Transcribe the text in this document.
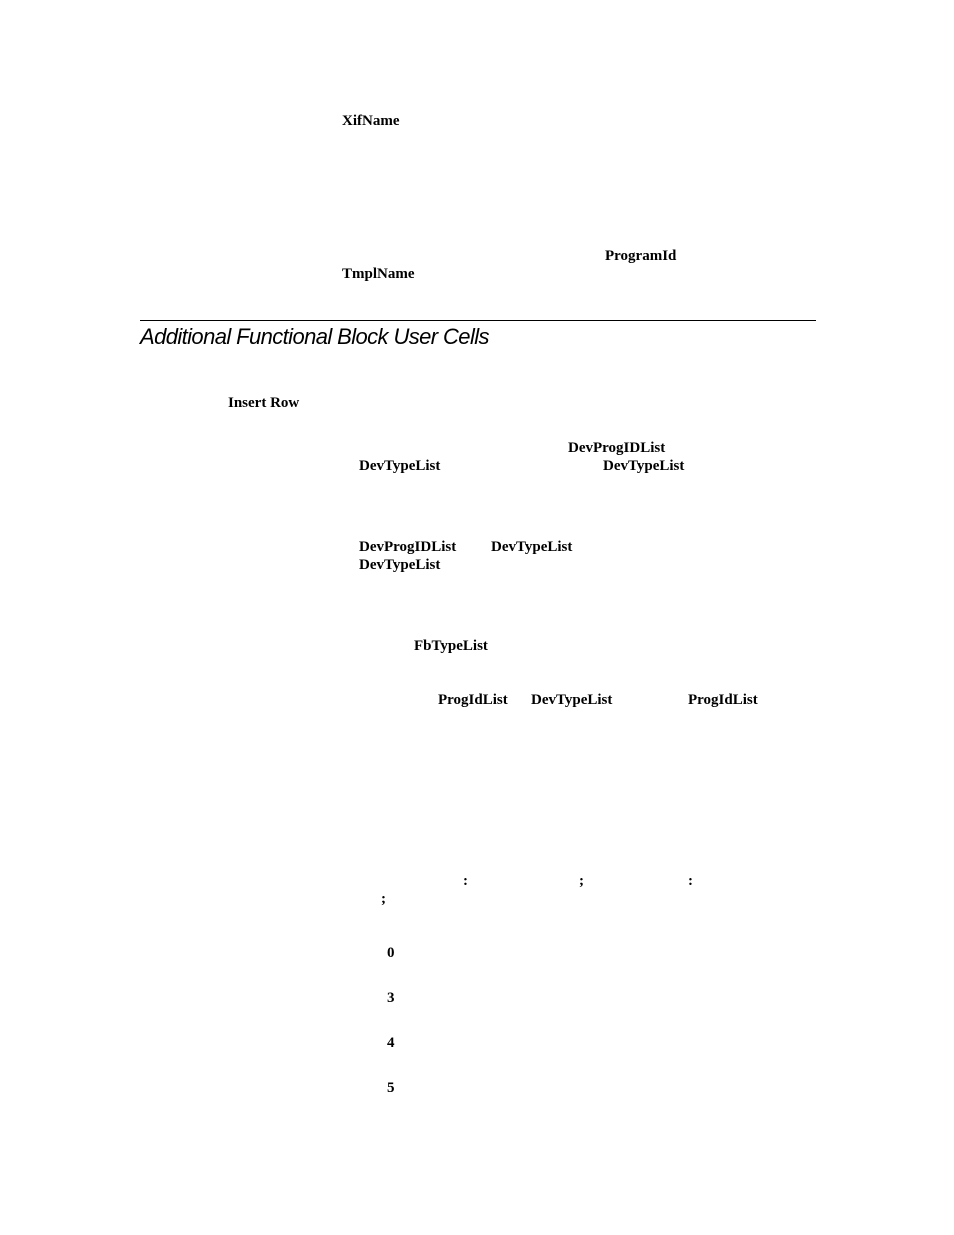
XifName
ProgramId
TmplName
Additional Functional Block User Cells
Insert Row
DevProgIDList
DevTypeList	DevTypeList
DevProgIDList DevTypeList
DevTypeList
FbTypeList
ProgIdList DevTypeList	ProgIdList
:	;	:
;
0
3
4
5
